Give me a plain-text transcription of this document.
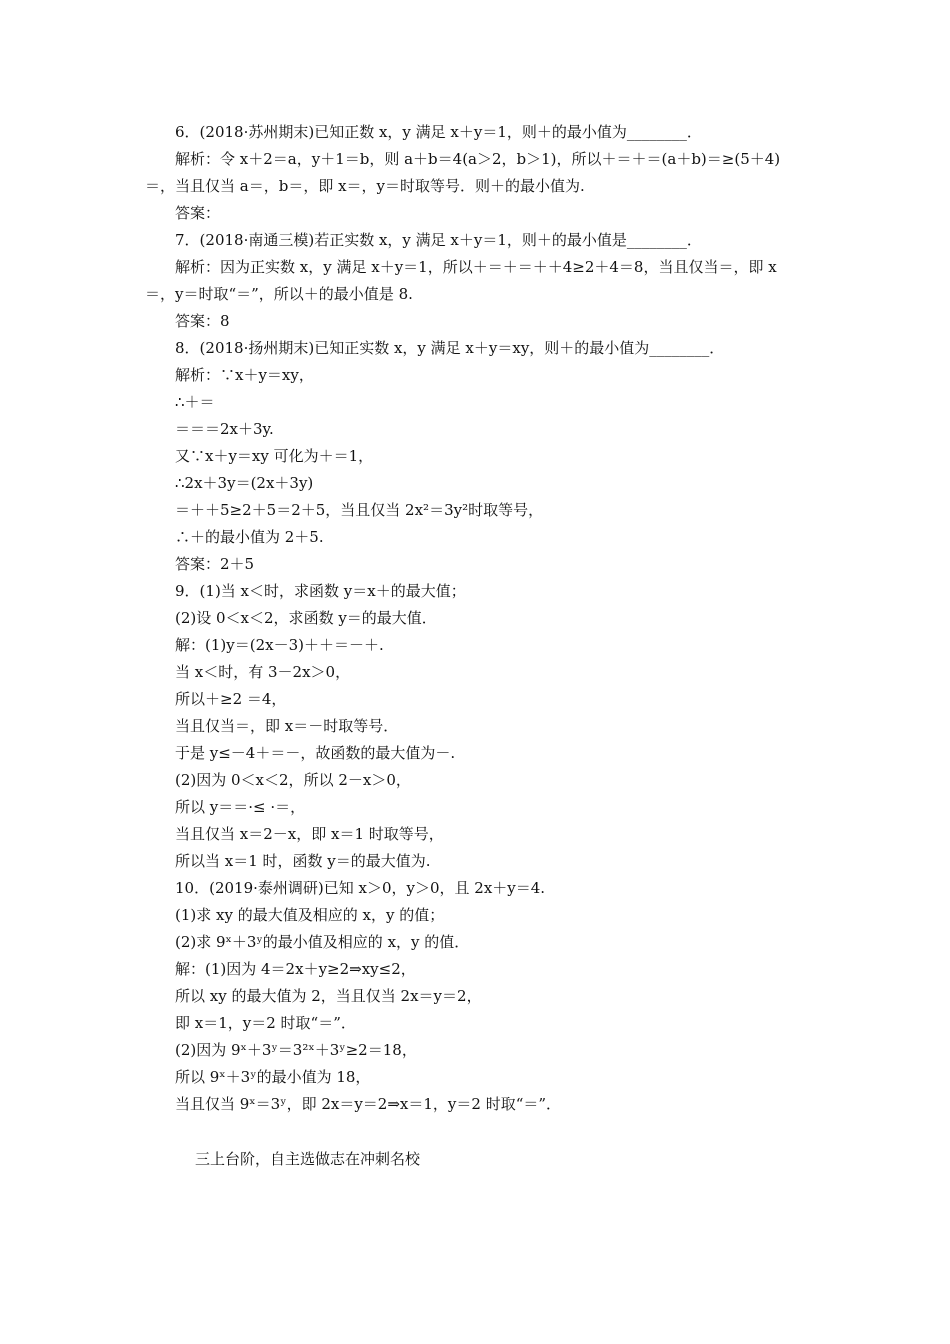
6．(2018·苏州期末)已知正数 x，y 满足 x＋y＝1，则＋的最小值为________．
解析：令 x＋2＝a，y＋1＝b，则 a＋b＝4(a＞2，b＞1)，所以＋＝＋＝(a＋b)＝≥(5＋4)
＝，当且仅当 a＝，b＝，即 x＝，y＝时取等号．则＋的最小值为.
答案：
7．(2018·南通三模)若正实数 x，y 满足 x＋y＝1，则＋的最小值是________．
解析：因为正实数 x，y 满足 x＋y＝1，所以＋＝＋＝＋＋4≥2＋4＝8，当且仅当＝，即 x
＝，y＝时取“＝”，所以＋的最小值是 8.
答案：8
8．(2018·扬州期末)已知正实数 x，y 满足 x＋y＝xy，则＋的最小值为________．
解析：∵x＋y＝xy，
∴＋＝
＝＝＝2x＋3y.
又∵x＋y＝xy 可化为＋＝1，
∴2x＋3y＝(2x＋3y)
＝＋＋5≥2＋5＝2＋5，当且仅当 2x²＝3y²时取等号，
∴＋的最小值为 2＋5.
答案：2＋5
9．(1)当 x＜时，求函数 y＝x＋的最大值；
(2)设 0＜x＜2，求函数 y＝的最大值．
解：(1)y＝(2x－3)＋＋＝－＋.
当 x＜时，有 3－2x＞0，
所以＋≥2 ＝4，
当且仅当＝，即 x＝－时取等号．
于是 y≤－4＋＝－，故函数的最大值为－.
(2)因为 0＜x＜2，所以 2－x＞0，
所以 y＝＝·≤ ·＝，
当且仅当 x＝2－x，即 x＝1 时取等号，
所以当 x＝1 时，函数 y＝的最大值为.
10．(2019·泰州调研)已知 x＞0，y＞0，且 2x＋y＝4.
(1)求 xy 的最大值及相应的 x，y 的值；
(2)求 9ˣ＋3ʸ的最小值及相应的 x，y 的值．
解：(1)因为 4＝2x＋y≥2⇒xy≤2，
所以 xy 的最大值为 2，当且仅当 2x＝y＝2，
即 x＝1，y＝2 时取“＝”．
(2)因为 9ˣ＋3ʸ＝3²ˣ＋3ʸ≥2＝18，
所以 9ˣ＋3ʸ的最小值为 18，
当且仅当 9ˣ＝3ʸ，即 2x＝y＝2⇒x＝1，y＝2 时取“＝”．
三上台阶，自主选做志在冲刺名校
